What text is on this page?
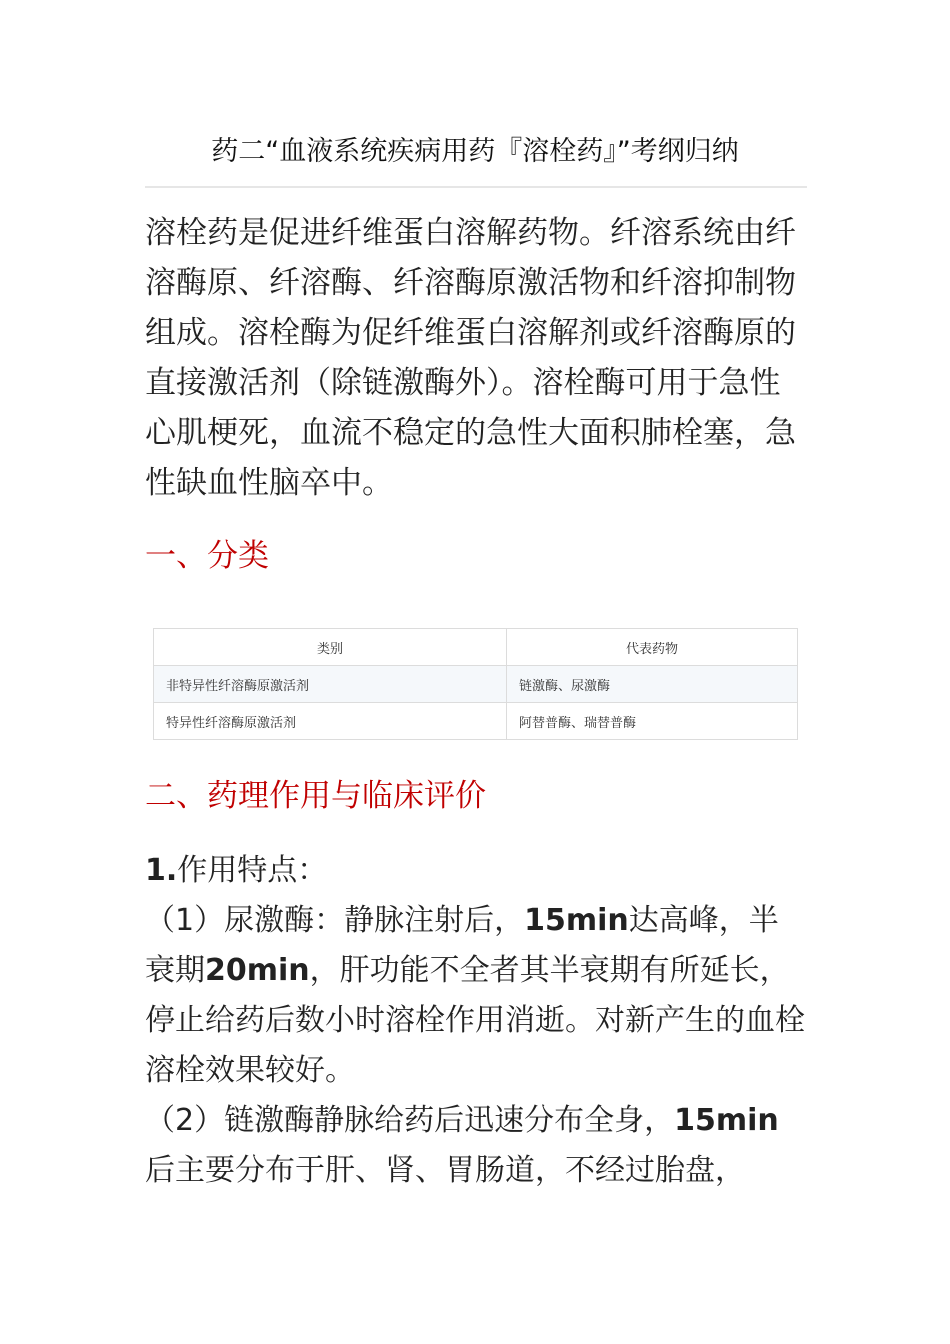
药二“血液系统疾病用药『溶栓药』”考纲归纳

溶栓药是促进纤维蛋白溶解药物。纤溶系统由纤溶酶原、纤溶酶、纤溶酶原激活物和纤溶抑制物组成。溶栓酶为促纤维蛋白溶解剂或纤溶酶原的直接激活剂（除链激酶外）。溶栓酶可用于急性心肌梗死，血流不稳定的急性大面积肺栓塞，急性缺血性脑卒中。

一、分类
类别	代表药物
非特异性纤溶酶原激活剂	链激酶、尿激酶
特异性纤溶酶原激活剂	阿替普酶、瑞替普酶
二、药理作用与临床评价

1.作用特点：

（1）尿激酶：静脉注射后，15min达高峰，半衰期20min，肝功能不全者其半衰期有所延长，停止给药后数小时溶栓作用消逝。对新产生的血栓溶栓效果较好。

（2）链激酶静脉给药后迅速分布全身，15min后主要分布于肝、肾、胃肠道，不经过胎盘，
